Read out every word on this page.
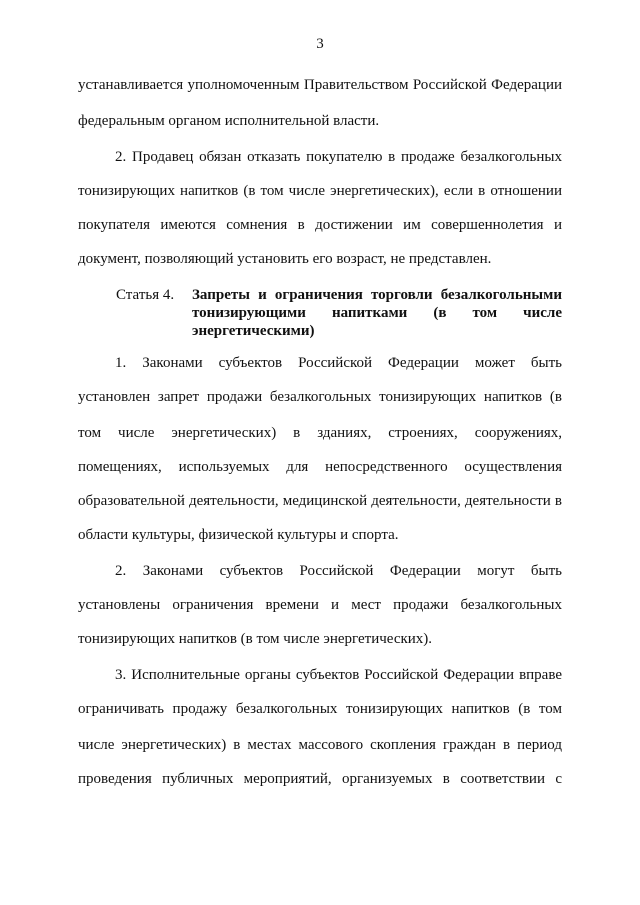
3
устанавливается уполномоченным Правительством Российской Федерации
федеральным органом исполнительной власти.
2. Продавец обязан отказать покупателю в продаже безалкогольных
тонизирующих напитков (в том числе энергетических), если в отношении
покупателя имеются сомнения в достижении им совершеннолетия и
документ, позволяющий установить его возраст, не представлен.
Статья 4. Запреты и ограничения торговли безалкогольными
тонизирующими напитками (в том числе
энергетическими)
1. Законами субъектов Российской Федерации может быть
установлен запрет продажи безалкогольных тонизирующих напитков (в
том числе энергетических) в зданиях, строениях, сооружениях,
помещениях, используемых для непосредственного осуществления
образовательной деятельности, медицинской деятельности, деятельности в
области культуры, физической культуры и спорта.
2. Законами субъектов Российской Федерации могут быть
установлены ограничения времени и мест продажи безалкогольных
тонизирующих напитков (в том числе энергетических).
3. Исполнительные органы субъектов Российской Федерации вправе
ограничивать продажу безалкогольных тонизирующих напитков (в том
числе энергетических) в местах массового скопления граждан в период
проведения публичных мероприятий, организуемых в соответствии с
